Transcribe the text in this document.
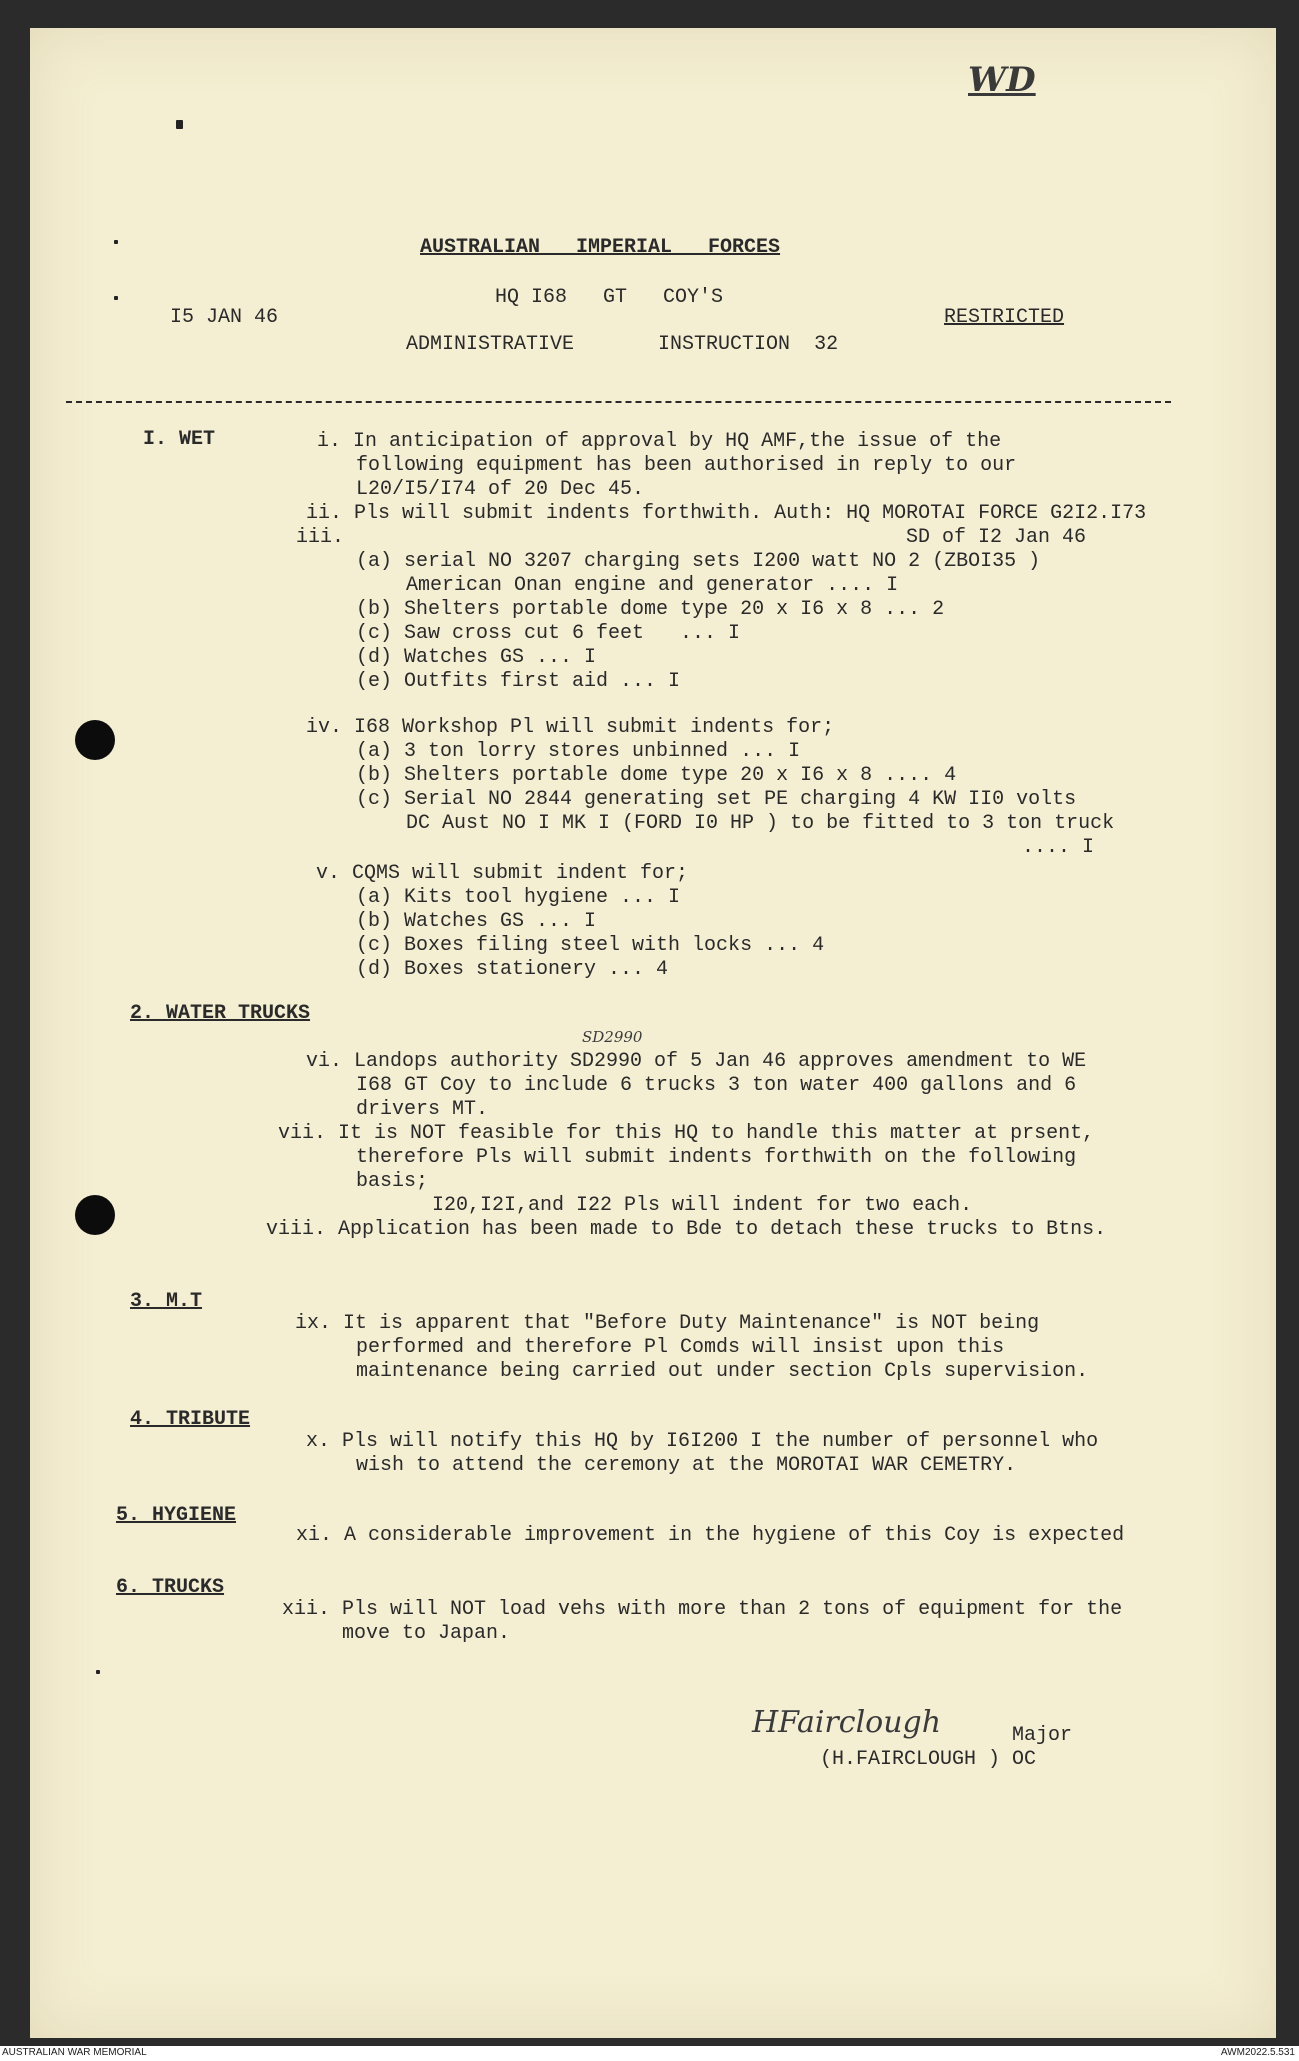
AUSTRALIAN   IMPERIAL   FORCES
HQ I68   GT   COY'S
ADMINISTRATIVE       INSTRUCTION  32
I5 JAN 46	RESTRICTED
WD
I. WET	i. In anticipation of approval by HQ AMF,the issue of the
following equipment has been authorised in reply to our
L20/I5/I74 of 20 Dec 45.
ii. Pls will submit indents forthwith. Auth: HQ MOROTAI FORCE G2I2.I73
SD of I2 Jan 46
iii.
(a) serial NO 3207 charging sets I200 watt NO 2 (ZBOI35 )
American Onan engine and generator .... I
(b) Shelters portable dome type 20 x I6 x 8 ... 2
(c) Saw cross cut 6 feet   ... I
(d) Watches GS ... I
(e) Outfits first aid ... I
iv. I68 Workshop Pl will submit indents for;
(a) 3 ton lorry stores unbinned ... I
(b) Shelters portable dome type 20 x I6 x 8 .... 4
(c) Serial NO 2844 generating set PE charging 4 KW II0 volts
DC Aust NO I MK I (FORD I0 HP ) to be fitted to 3 ton truck
.... I
v. CQMS will submit indent for;
(a) Kits tool hygiene ... I
(b) Watches GS ... I
(c) Boxes filing steel with locks ... 4
(d) Boxes stationery ... 4
2. WATER TRUCKS
SD2990
vi. Landops authority SD2990 of 5 Jan 46 approves amendment to WE
I68 GT Coy to include 6 trucks 3 ton water 400 gallons and 6
drivers MT.
vii. It is NOT feasible for this HQ to handle this matter at prsent,
therefore Pls will submit indents forthwith on the following
basis;
I20,I2I,and I22 Pls will indent for two each.
viii. Application has been made to Bde to detach these trucks to Btns.
3. M.T
ix. It is apparent that "Before Duty Maintenance" is NOT being
performed and therefore Pl Comds will insist upon this
maintenance being carried out under section Cpls supervision.
4. TRIBUTE
x. Pls will notify this HQ by I6I200 I the number of personnel who
wish to attend the ceremony at the MOROTAI WAR CEMETRY.
5. HYGIENE
xi. A considerable improvement in the hygiene of this Coy is expected
6. TRUCKS
xii. Pls will NOT load vehs with more than 2 tons of equipment for the
move to Japan.
HFairclough	Major
(H.FAIRCLOUGH ) OC
AUSTRALIAN WAR MEMORIAL	AWM2022.5.531
